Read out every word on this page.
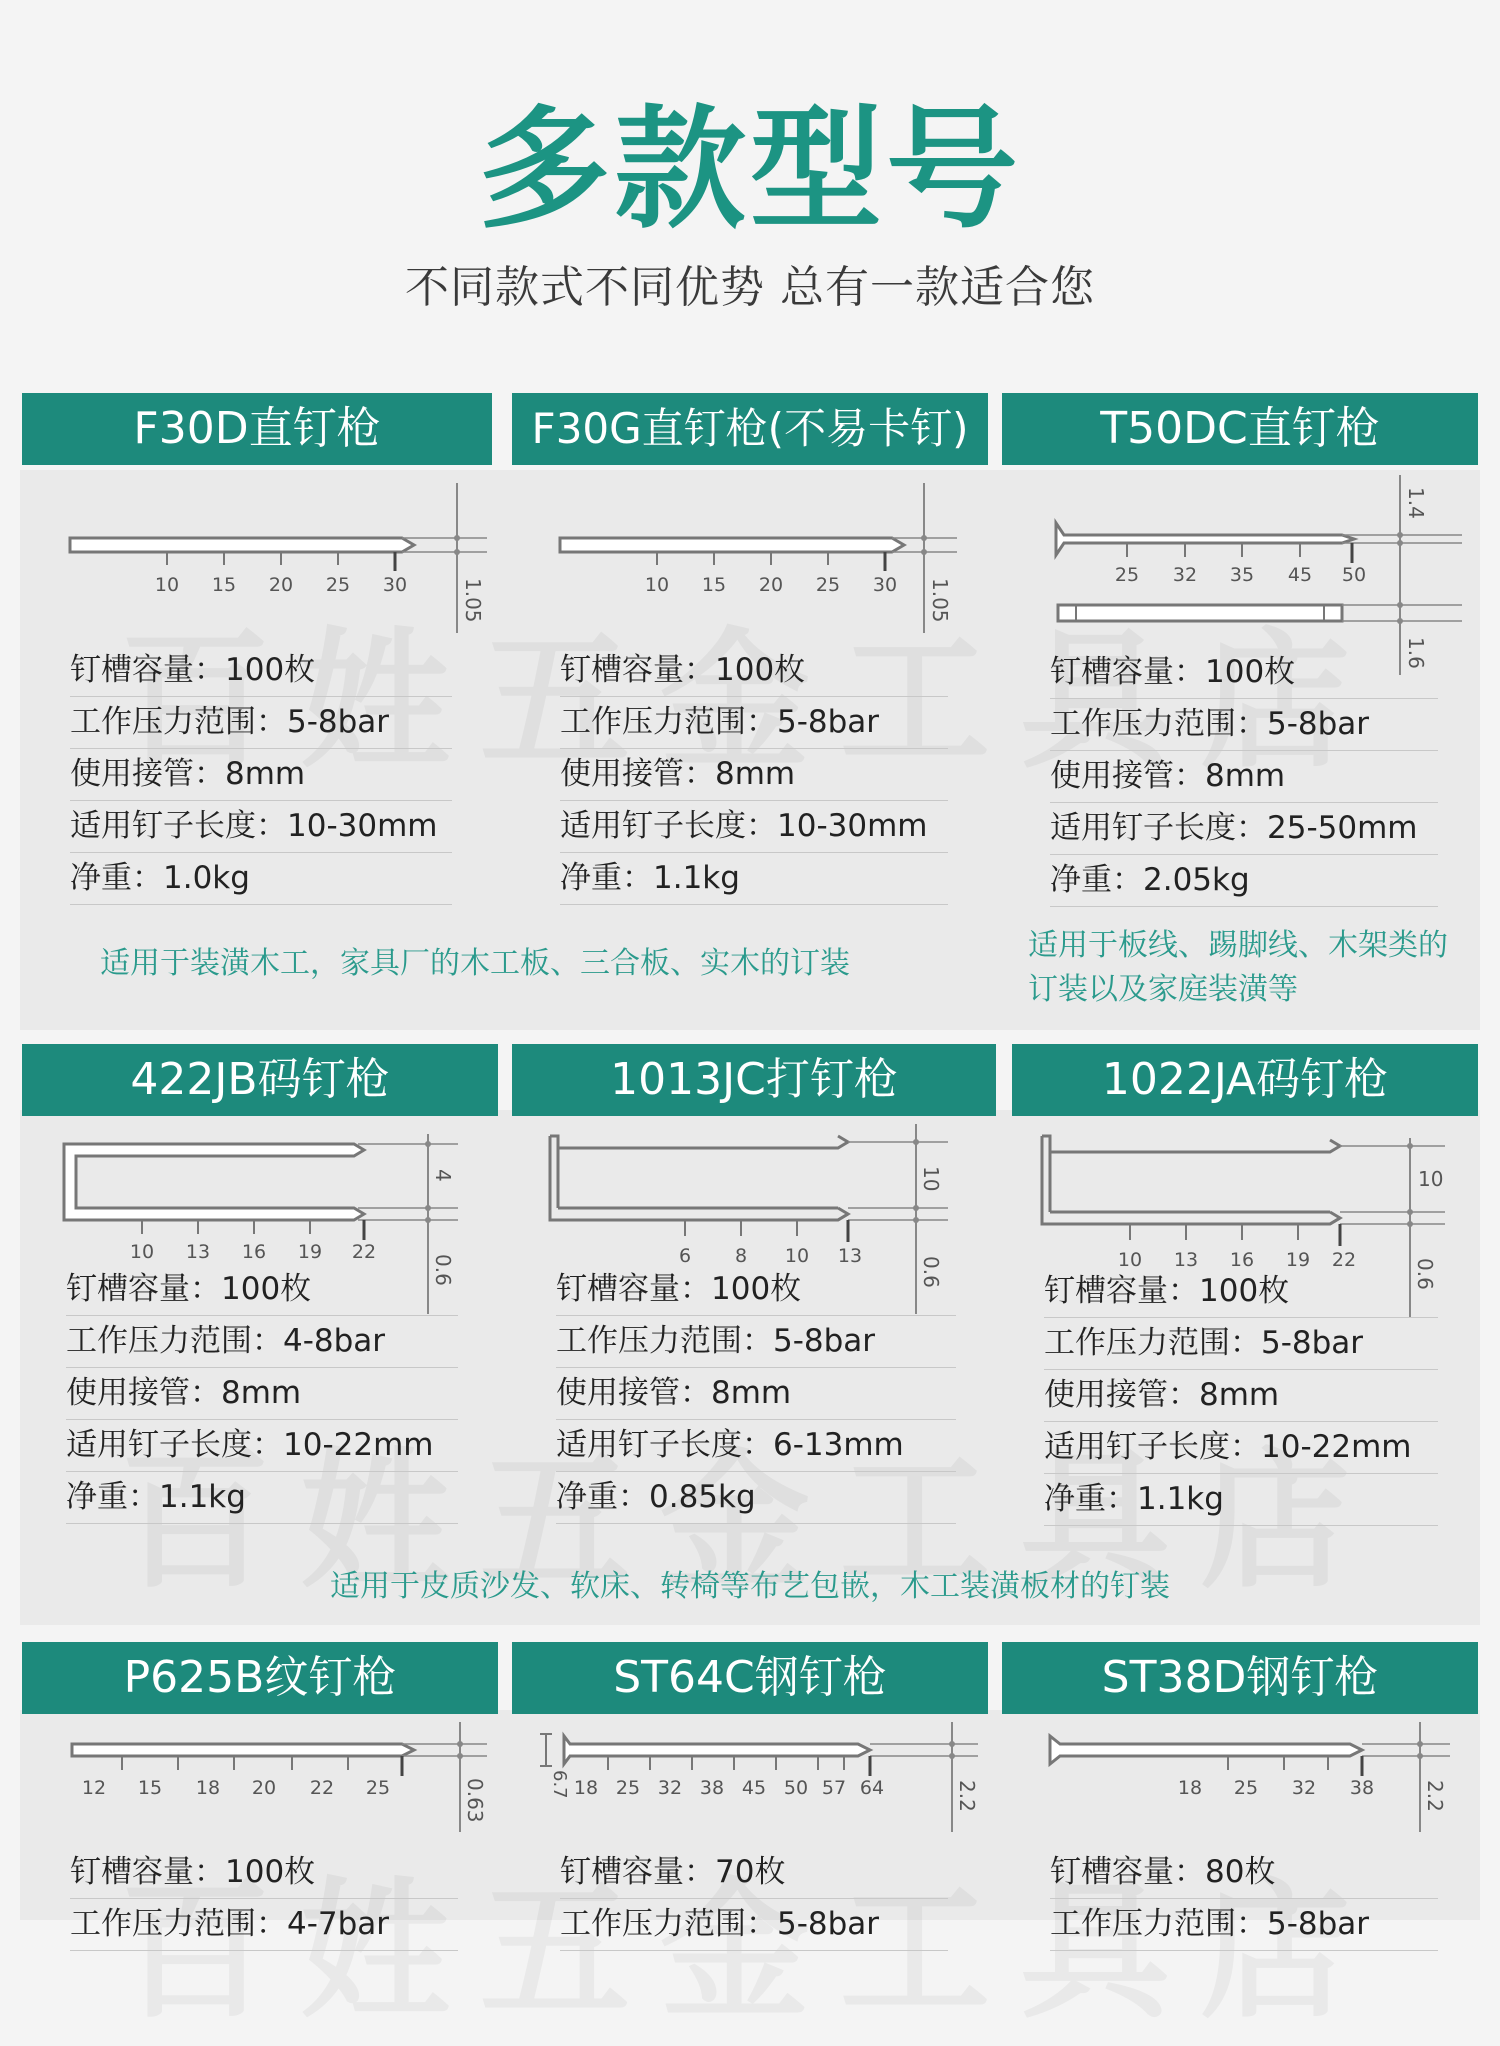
多款型号
不同款式不同优势 总有一款适合您
F30D直钉枪
10 15 20 25 30	1.05
钉槽容量：100枚
工作压力范围：5-8bar
使用接管：8mm
适用钉子长度：10-30mm
净重：1.0kg
F30G直钉枪(不易卡钉)
10 15 20 25 30 1.05
钉槽容量：100枚
工作压力范围：5-8bar
使用接管：8mm
适用钉子长度：10-30mm
净重：1.1kg
T50DC直钉枪
25 32 35 45 50
1.4
1.6
钉槽容量：100枚
工作压力范围：5-8bar
使用接管：8mm
适用钉子长度：25-50mm
净重：2.05kg
适用于装潢木工，家具厂的木工板、三合板、实木的订装
适用于板线、踢脚线、木架类的订装以及家庭装潢等
422JB码钉枪
10 13 16 19 22
4
0.6
钉槽容量：100枚
工作压力范围：4-8bar
使用接管：8mm
适用钉子长度：10-22mm
净重：1.1kg
1013JC打钉枪
6 8 10 13
10
0.6
钉槽容量：100枚
工作压力范围：5-8bar
使用接管：8mm
适用钉子长度：6-13mm
净重：0.85kg
1022JA码钉枪
10 13 16 19 22
10
0.6
钉槽容量：100枚
工作压力范围：5-8bar
使用接管：8mm
适用钉子长度：10-22mm
净重：1.1kg
适用于皮质沙发、软床、转椅等布艺包嵌，木工装潢板材的钉装
P625B纹钉枪
12 15 18 20 22 25	0.63
钉槽容量：100枚
工作压力范围：4-7bar
ST64C钢钉枪
18 25 32 38 45 50 57 64
6.7	2.2
钉槽容量：70枚
工作压力范围：5-8bar
ST38D钢钉枪
18 25 32 38 2.2
钉槽容量：80枚
工作压力范围：5-8bar
